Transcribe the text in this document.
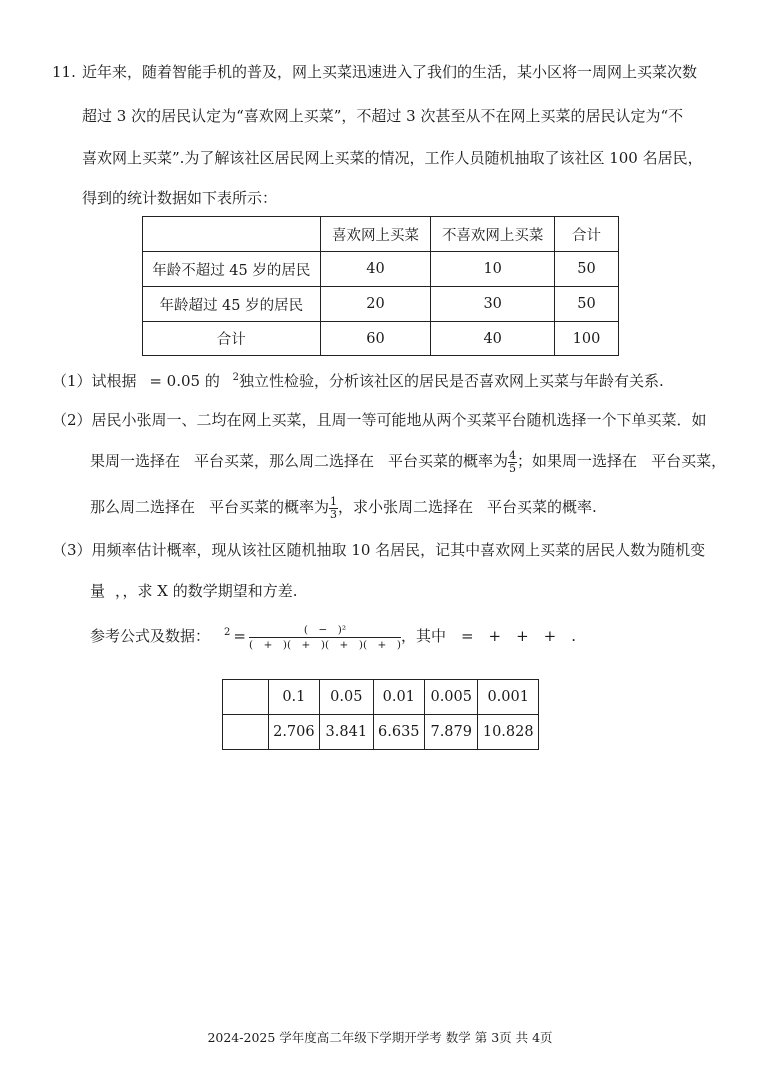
11. 近年来，随着智能手机的普及，网上买菜迅速进入了我们的生活，某小区将一周网上买菜次数
超过 3 次的居民认定为“喜欢网上买菜”，不超过 3 次甚至从不在网上买菜的居民认定为“不
喜欢网上买菜”.为了解该社区居民网上买菜的情况，工作人员随机抽取了该社区 100 名居民，
得到的统计数据如下表所示：
	喜欢网上买菜	不喜欢网上买菜	合计
年龄不超过 45 岁的居民	40	10	50
年龄超过 45 岁的居民	20	30	50
合计	60	40	100
（1）试根据 = 0.05 的 $^2$独立性检验，分析该社区的居民是否喜欢网上买菜与年龄有关系.
（2）居民小张周一、二均在网上买菜，且周一等可能地从两个买菜平台随机选择一个下单买菜．如
果周一选择在 平台买菜，那么周二选择在 平台买菜的概率为 $\frac{4}{5}$ ；如果周一选择在 平台买菜，
那么周二选择在 平台买菜的概率为 $\frac{1}{3}$ ，求小张周二选择在 平台买菜的概率.
（3）用频率估计概率，现从该社区随机抽取 10 名居民，记其中喜欢网上买菜的居民人数为随机变
量 ，，求 X 的数学期望和方差.
参考公式及数据： $^2 = \frac{\text{(　−　)²}}{( + )( + )( + )( + )}$ ，其中　=　+　+　+　.
	0.1	0.05	0.01	0.005	0.001
	2.706	3.841	6.635	7.879	10.828
2024-2025 学年度高二年级下学期开学考 数学 第 3页 共 4页
